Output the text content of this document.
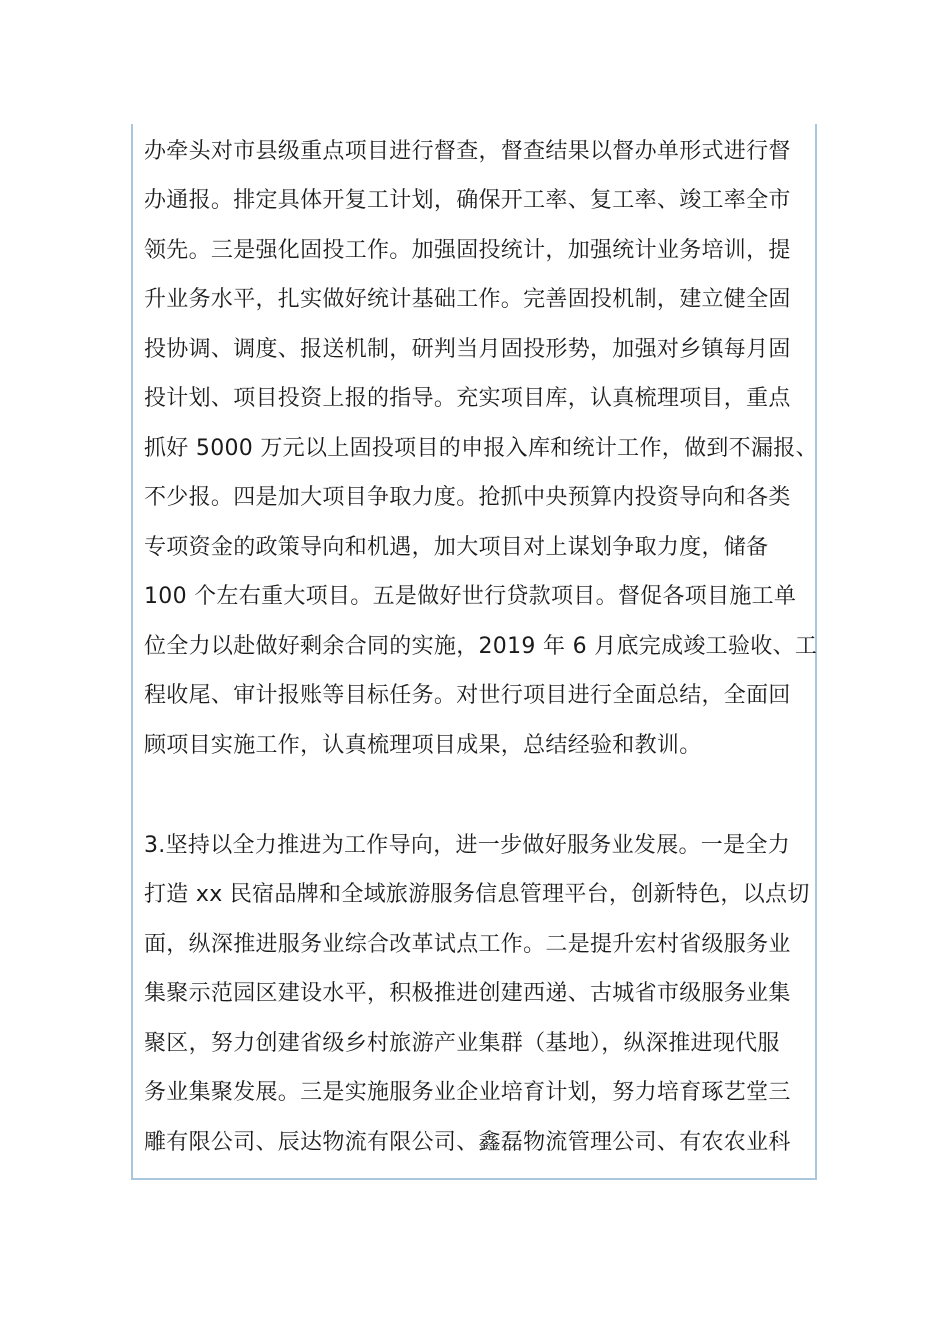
办牵头对市县级重点项目进行督查，督查结果以督办单形式进行督
办通报。排定具体开复工计划，确保开工率、复工率、竣工率全市
领先。三是强化固投工作。加强固投统计，加强统计业务培训，提
升业务水平，扎实做好统计基础工作。完善固投机制，建立健全固
投协调、调度、报送机制，研判当月固投形势，加强对乡镇每月固
投计划、项目投资上报的指导。充实项目库，认真梳理项目，重点
抓好 5000 万元以上固投项目的申报入库和统计工作，做到不漏报、
不少报。四是加大项目争取力度。抢抓中央预算内投资导向和各类
专项资金的政策导向和机遇，加大项目对上谋划争取力度，储备
100 个左右重大项目。五是做好世行贷款项目。督促各项目施工单
位全力以赴做好剩余合同的实施，2019 年 6 月底完成竣工验收、工
程收尾、审计报账等目标任务。对世行项目进行全面总结，全面回
顾项目实施工作，认真梳理项目成果，总结经验和教训。
3.坚持以全力推进为工作导向，进一步做好服务业发展。一是全力
打造 xx 民宿品牌和全域旅游服务信息管理平台，创新特色，以点切
面，纵深推进服务业综合改革试点工作。二是提升宏村省级服务业
集聚示范园区建设水平，积极推进创建西递、古城省市级服务业集
聚区，努力创建省级乡村旅游产业集群（基地），纵深推进现代服
务业集聚发展。三是实施服务业企业培育计划，努力培育琢艺堂三
雕有限公司、辰达物流有限公司、鑫磊物流管理公司、有农农业科
